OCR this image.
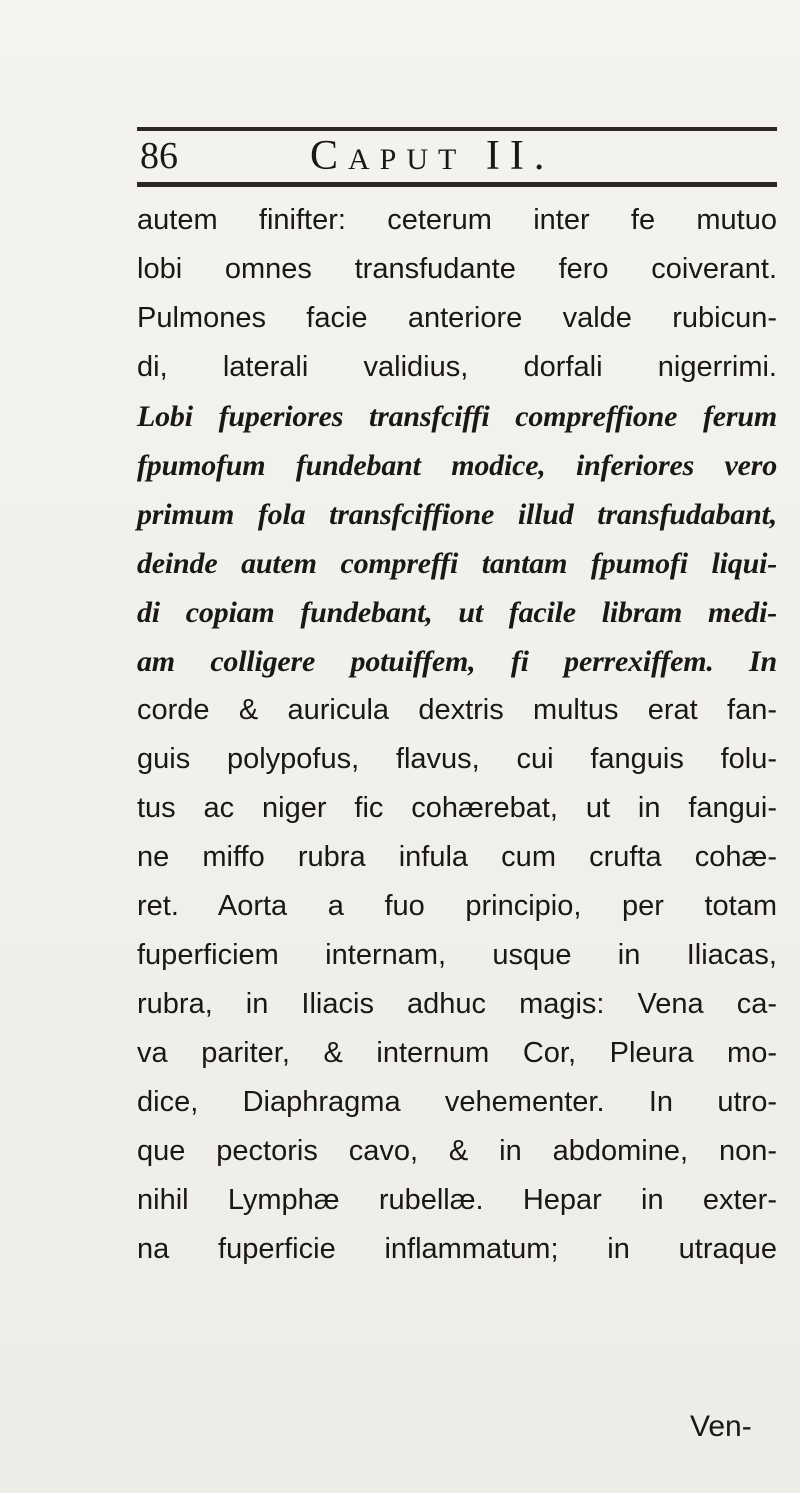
86	CAPUT II.
autem finifter: ceterum inter fe mutuo
lobi omnes transfudante fero coiverant.
Pulmones facie anteriore valde rubicun-
di, laterali validius, dorfali nigerrimi.
Lobi fuperiores transfciffi compreffione ferum
fpumofum fundebant modice, inferiores vero
primum fola transfciffione illud transfudabant,
deinde autem compreffi tantam fpumofi liqui-
di copiam fundebant, ut facile libram medi-
am colligere potuiffem, fi perrexiffem. In
corde & auricula dextris multus erat fan-
guis polypofus, flavus, cui fanguis folu-
tus ac niger fic cohærebat, ut in fangui-
ne miffo rubra infula cum crufta cohæ-
ret. Aorta a fuo principio, per totam
fuperficiem internam, usque in Iliacas,
rubra, in Iliacis adhuc magis: Vena ca-
va pariter, & internum Cor, Pleura mo-
dice, Diaphragma vehementer. In utro-
que pectoris cavo, & in abdomine, non-
nihil Lymphæ rubellæ. Hepar in exter-
na fuperficie inflammatum; in utraque
Ven-
